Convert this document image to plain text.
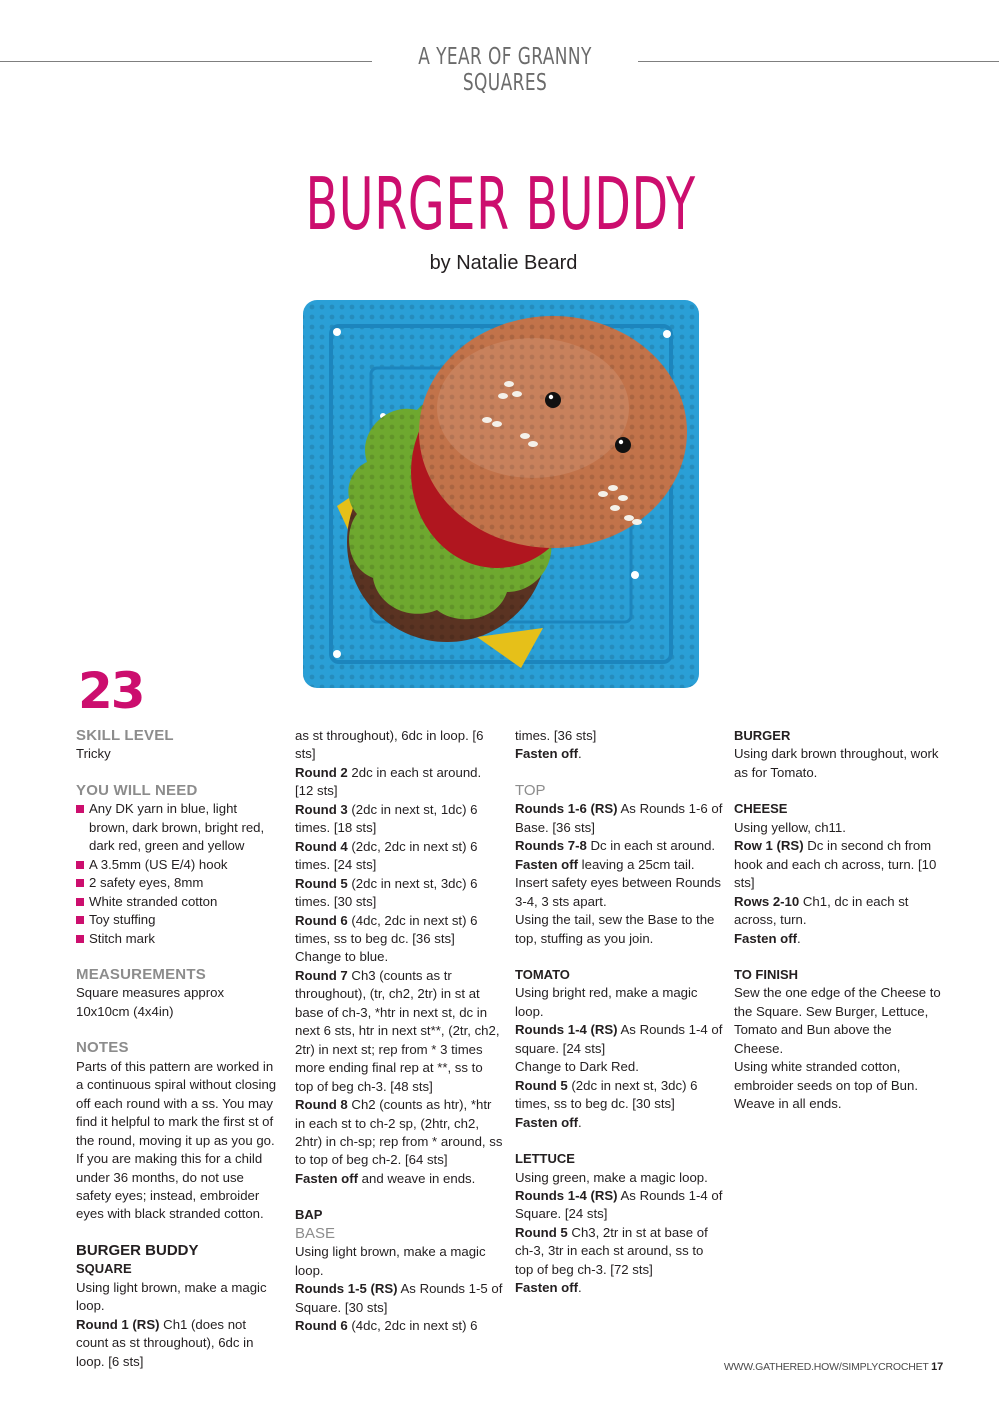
A YEAR OF GRANNY SQUARES
BURGER BUDDY
by Natalie Beard
23

SKILL LEVEL

Tricky

YOU WILL NEED

Any DK yarn in blue, light brown, dark brown, bright red, dark red, green and yellow
A 3.5mm (US E/4) hook
2 safety eyes, 8mm
White stranded cotton
Toy stuffing
Stitch mark

MEASUREMENTS

Square measures approx 10x10cm (4x4in)

NOTES

Parts of this pattern are worked in a continuous spiral without closing off each round with a ss. You may find it helpful to mark the first st of the round, moving it up as you go. If you are making this for a child under 36 months, do not use safety eyes; instead, embroider eyes with black stranded cotton.

BURGER BUDDY

SQUARE

Using light brown, make a magic loop.

Round 1 (RS) Ch1 (does not count as st throughout), 6dc in loop. [6 sts]

as st throughout), 6dc in loop. [6 sts]

Round 2 2dc in each st around. [12 sts]

Round 3 (2dc in next st, 1dc) 6 times. [18 sts]

Round 4 (2dc, 2dc in next st) 6 times. [24 sts]

Round 5 (2dc in next st, 3dc) 6 times. [30 sts]

Round 6 (4dc, 2dc in next st) 6 times, ss to beg dc. [36 sts]

Change to blue.

Round 7 Ch3 (counts as tr throughout), (tr, ch2, 2tr) in st at base of ch-3, *htr in next st, dc in next 6 sts, htr in next st**, (2tr, ch2, 2tr) in next st; rep from * 3 times more ending final rep at **, ss to top of beg ch-3. [48 sts]

Round 8 Ch2 (counts as htr), *htr in each st to ch-2 sp, (2htr, ch2, 2htr) in ch-sp; rep from * around, ss to top of beg ch-2. [64 sts]

Fasten off and weave in ends.

BAP

BASE

Using light brown, make a magic loop.

Rounds 1-5 (RS) As Rounds 1-5 of Square. [30 sts]

Round 6 (4dc, 2dc in next st) 6

times. [36 sts]

Fasten off.

TOP

Rounds 1-6 (RS) As Rounds 1-6 of Base. [36 sts]

Rounds 7-8 Dc in each st around.

Fasten off leaving a 25cm tail.

Insert safety eyes between Rounds 3-4, 3 sts apart.

Using the tail, sew the Base to the top, stuffing as you join.

TOMATO

Using bright red, make a magic loop.

Rounds 1-4 (RS) As Rounds 1-4 of square. [24 sts]

Change to Dark Red.

Round 5 (2dc in next st, 3dc) 6 times, ss to beg dc. [30 sts]

Fasten off.

LETTUCE

Using green, make a magic loop.

Rounds 1-4 (RS) As Rounds 1-4 of Square. [24 sts]

Round 5 Ch3, 2tr in st at base of ch-3, 3tr in each st around, ss to top of beg ch-3. [72 sts]

Fasten off.

BURGER

Using dark brown throughout, work as for Tomato.

CHEESE

Using yellow, ch11.

Row 1 (RS) Dc in second ch from hook and each ch across, turn. [10 sts]

Rows 2-10 Ch1, dc in each st across, turn.

Fasten off.

TO FINISH

Sew the one edge of the Cheese to the Square. Sew Burger, Lettuce, Tomato and Bun above the Cheese.

Using white stranded cotton, embroider seeds on top of Bun. Weave in all ends.

WWW.GATHERED.HOW/SIMPLYCROCHET 17
